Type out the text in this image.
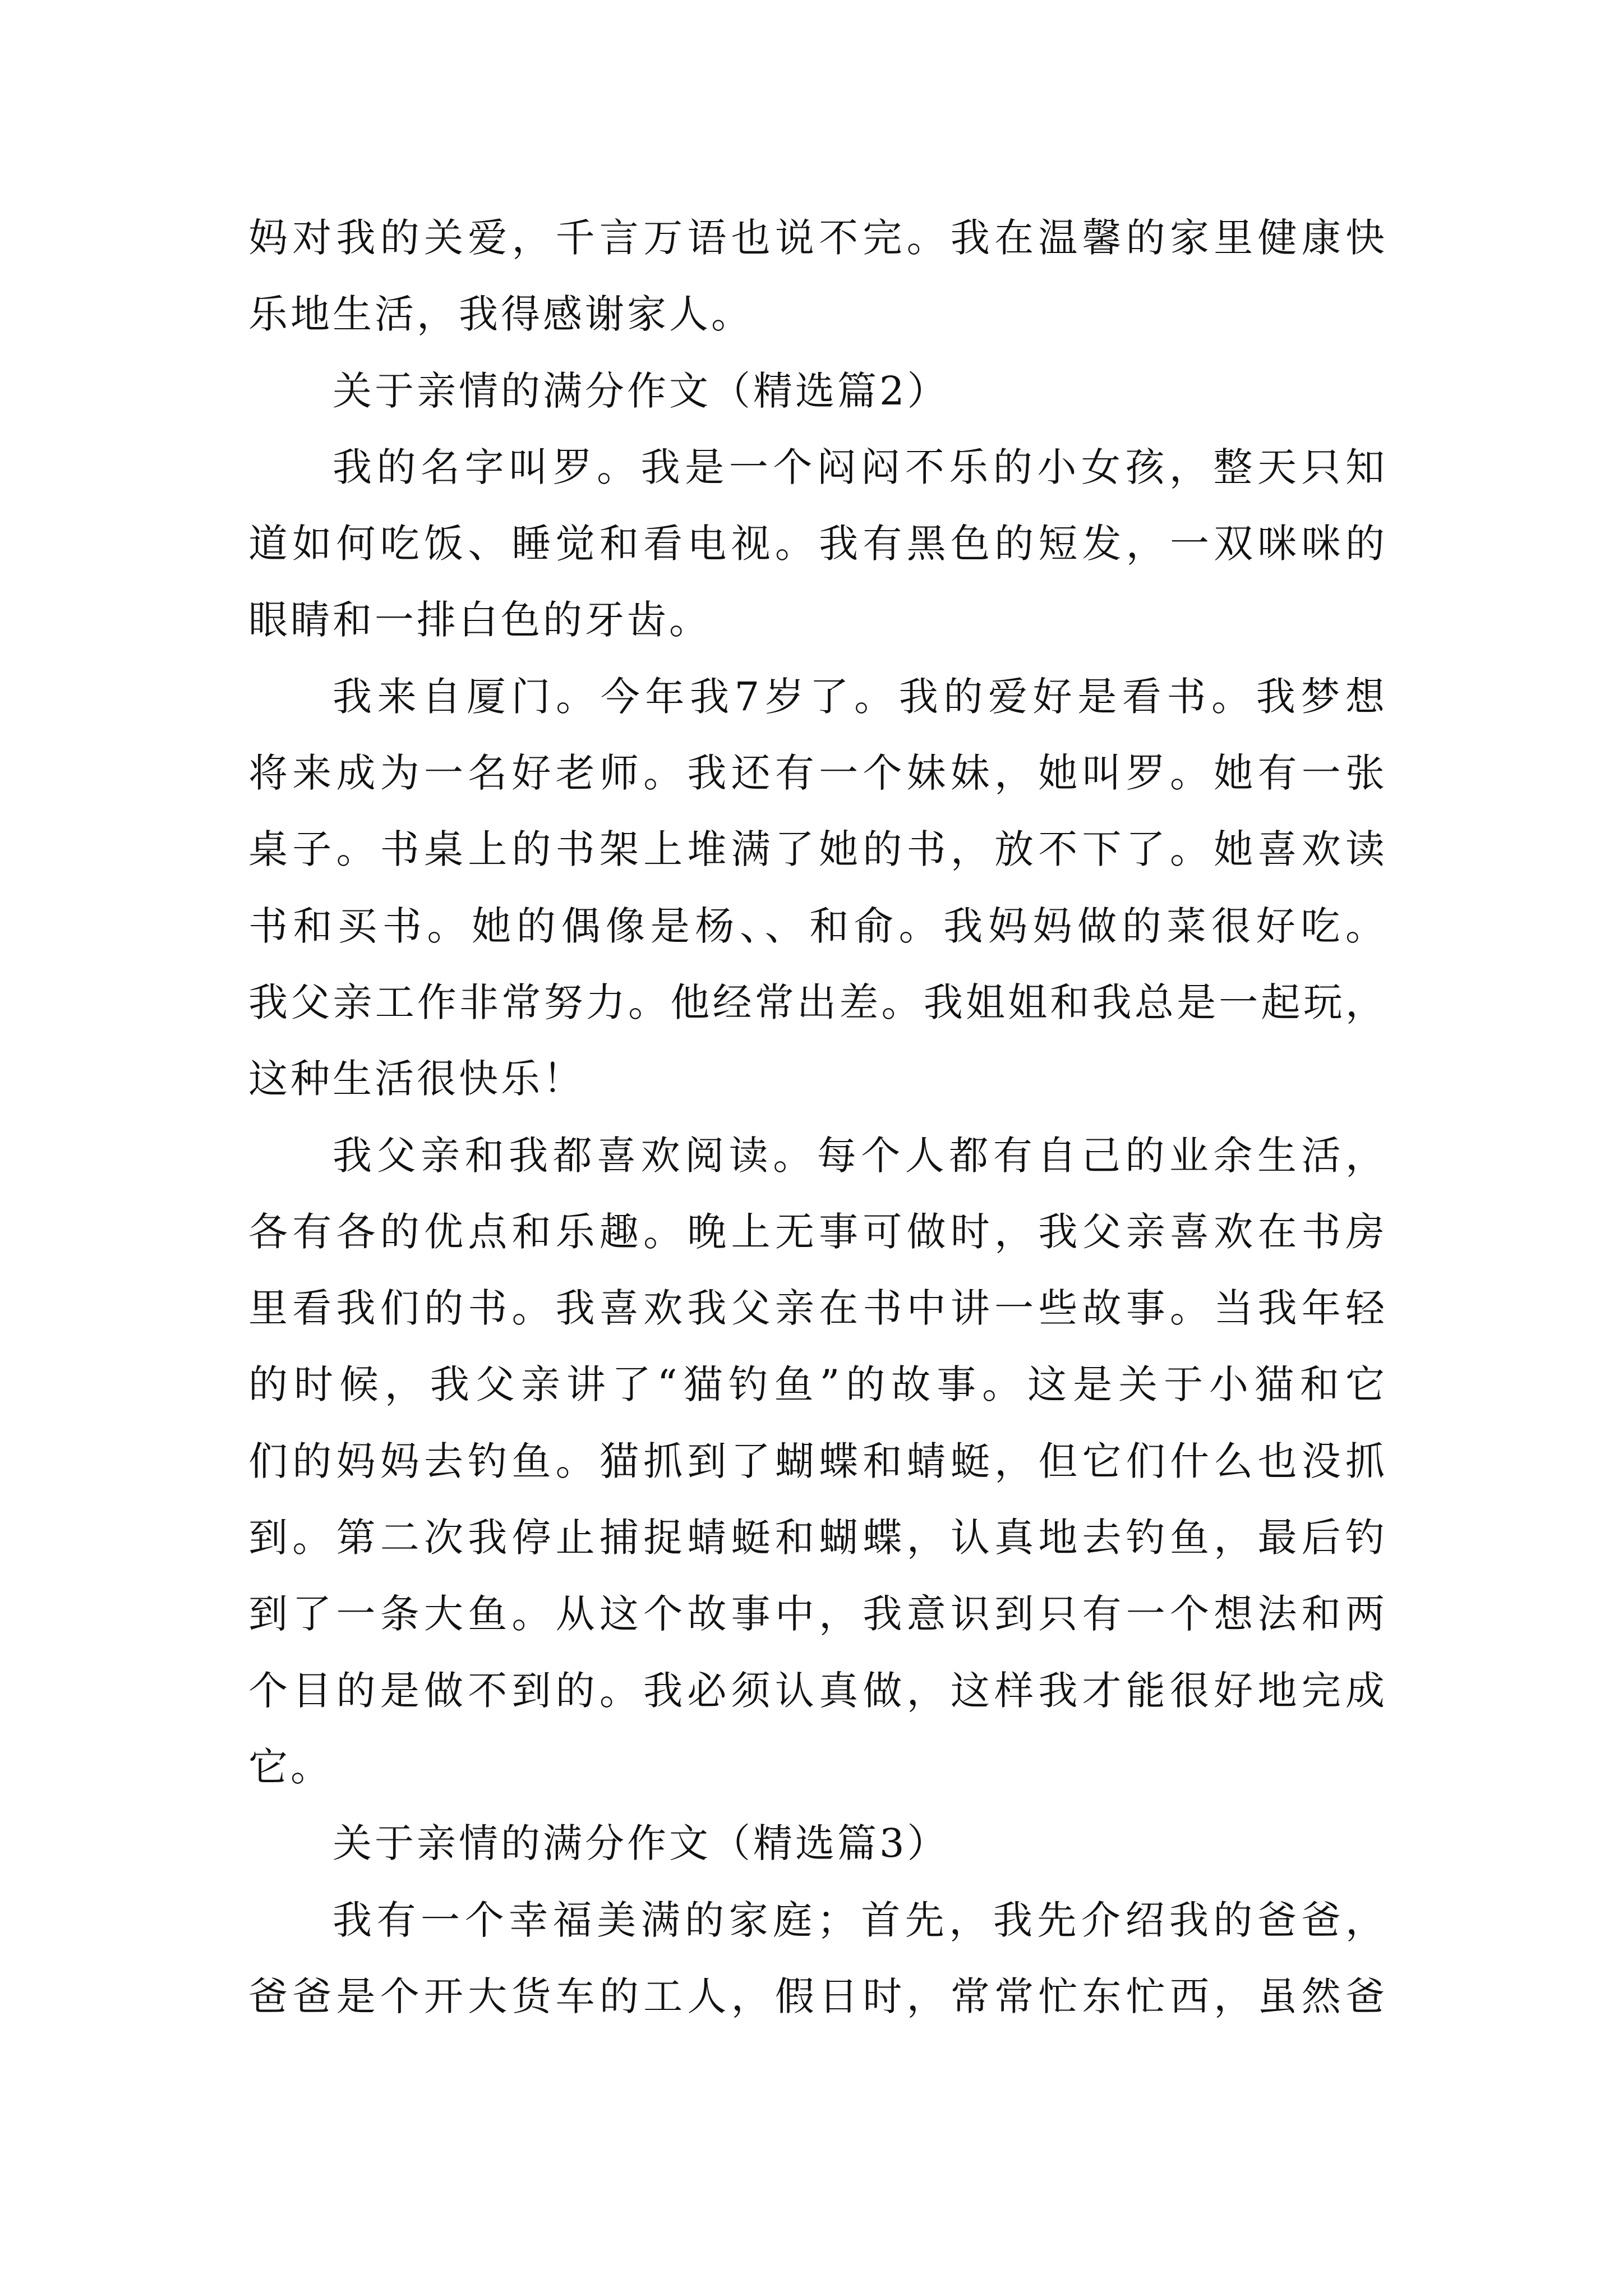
妈对我的关爱，千言万语也说不完。我在温馨的家里健康快
乐地生活，我得感谢家人。
关于亲情的满分作文（精选篇2）
我的名字叫罗。我是一个闷闷不乐的小女孩，整天只知
道如何吃饭、睡觉和看电视。我有黑色的短发，一双咪咪的
眼睛和一排白色的牙齿。
我来自厦门。今年我7岁了。我的爱好是看书。我梦想
将来成为一名好老师。我还有一个妹妹，她叫罗。她有一张
桌子。书桌上的书架上堆满了她的书，放不下了。她喜欢读
书和买书。她的偶像是杨、、和俞。我妈妈做的菜很好吃。
我父亲工作非常努力。他经常出差。我姐姐和我总是一起玩，
这种生活很快乐！
我父亲和我都喜欢阅读。每个人都有自己的业余生活，
各有各的优点和乐趣。晚上无事可做时，我父亲喜欢在书房
里看我们的书。我喜欢我父亲在书中讲一些故事。当我年轻
的时候，我父亲讲了“猫钓鱼”的故事。这是关于小猫和它
们的妈妈去钓鱼。猫抓到了蝴蝶和蜻蜓，但它们什么也没抓
到。第二次我停止捕捉蜻蜓和蝴蝶，认真地去钓鱼，最后钓
到了一条大鱼。从这个故事中，我意识到只有一个想法和两
个目的是做不到的。我必须认真做，这样我才能很好地完成
它。
关于亲情的满分作文（精选篇3）
我有一个幸福美满的家庭；首先，我先介绍我的爸爸，
爸爸是个开大货车的工人，假日时，常常忙东忙西，虽然爸
